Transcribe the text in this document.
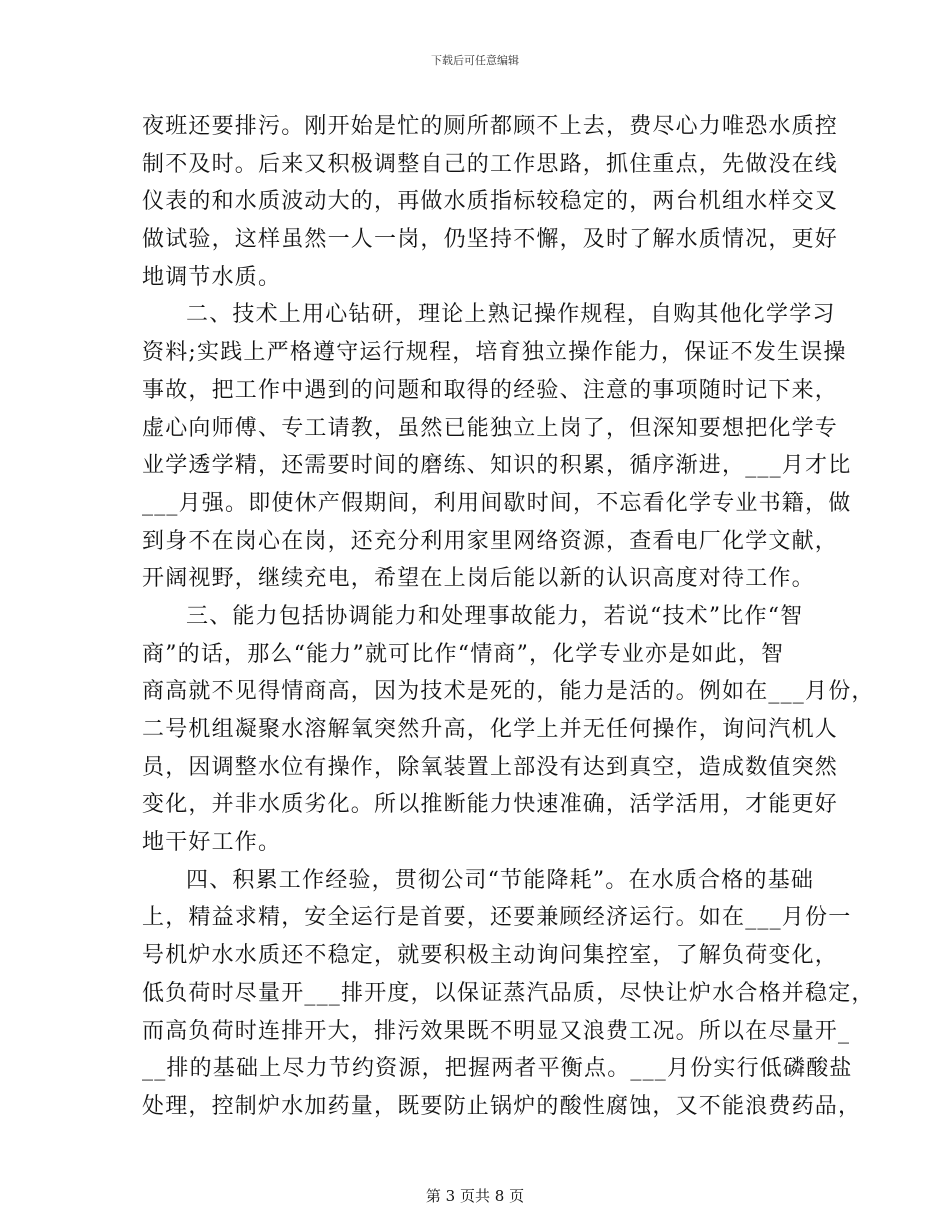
下载后可任意编辑
夜班还要排污。刚开始是忙的厕所都顾不上去，费尽心力唯恐水质控
制不及时。后来又积极调整自己的工作思路，抓住重点，先做没在线
仪表的和水质波动大的，再做水质指标较稳定的，两台机组水样交叉
做试验，这样虽然一人一岗，仍坚持不懈，及时了解水质情况，更好
地调节水质。
二、技术上用心钻研，理论上熟记操作规程，自购其他化学学习
资料;实践上严格遵守运行规程，培育独立操作能力，保证不发生误操
事故，把工作中遇到的问题和取得的经验、注意的事项随时记下来，
虚心向师傅、专工请教，虽然已能独立上岗了，但深知要想把化学专
业学透学精，还需要时间的磨练、知识的积累，循序渐进，___月才比
___月强。即使休产假期间，利用间歇时间，不忘看化学专业书籍，做
到身不在岗心在岗，还充分利用家里网络资源，查看电厂化学文献，
开阔视野，继续充电，希望在上岗后能以新的认识高度对待工作。
三、能力包括协调能力和处理事故能力，若说“技术”比作“智
商”的话，那么“能力”就可比作“情商”，化学专业亦是如此，智
商高就不见得情商高，因为技术是死的，能力是活的。例如在___月份，
二号机组凝聚水溶解氧突然升高，化学上并无任何操作，询问汽机人
员，因调整水位有操作，除氧装置上部没有达到真空，造成数值突然
变化，并非水质劣化。所以推断能力快速准确，活学活用，才能更好
地干好工作。
四、积累工作经验，贯彻公司“节能降耗”。在水质合格的基础
上，精益求精，安全运行是首要，还要兼顾经济运行。如在___月份一
号机炉水水质还不稳定，就要积极主动询问集控室，了解负荷变化，
低负荷时尽量开___排开度，以保证蒸汽品质，尽快让炉水合格并稳定，
而高负荷时连排开大，排污效果既不明显又浪费工况。所以在尽量开_
__排的基础上尽力节约资源，把握两者平衡点。___月份实行低磷酸盐
处理，控制炉水加药量，既要防止锅炉的酸性腐蚀，又不能浪费药品，
第 3 页共 8 页
